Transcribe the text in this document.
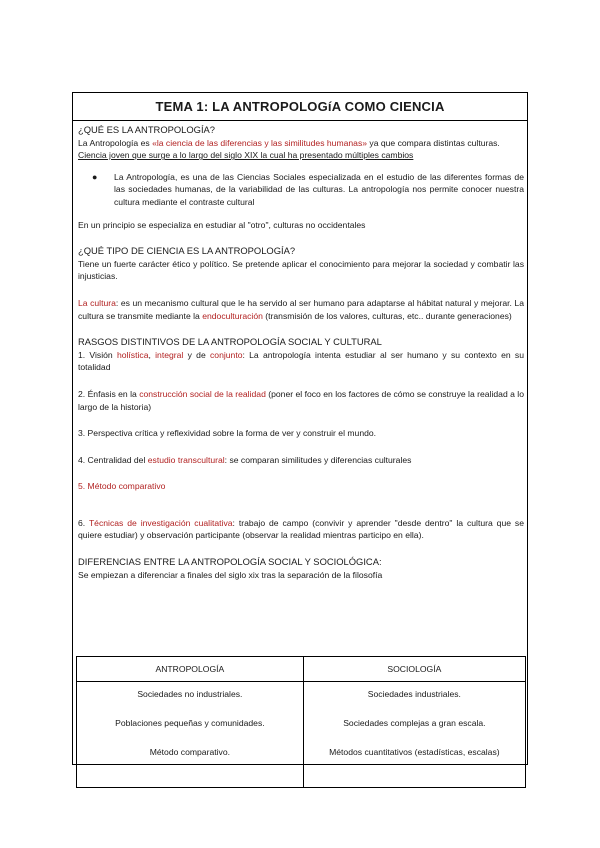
TEMA 1: LA ANTROPOLOGíA COMO CIENCIA

¿QUÉ ES LA ANTROPOLOGÍA?

La Antropología es «la ciencia de las diferencias y las similitudes humanas» ya que compara distintas culturas. Ciencia joven que surge a lo largo del siglo XIX la cual ha presentado múltiples cambios

●	La Antropología, es una de las Ciencias Sociales especializada en el estudio de las diferentes formas de las sociedades humanas, de la variabilidad de las culturas. La antropología nos permite conocer nuestra cultura mediante el contraste cultural

En un principio se especializa en estudiar al "otro", culturas no occidentales

¿QUÉ TIPO DE CIENCIA ES LA ANTROPOLOGÍA?

Tiene un fuerte carácter ético y político. Se pretende aplicar el conocimiento para mejorar la sociedad y combatir las injusticias.

La cultura: es un mecanismo cultural que le ha servido al ser humano para adaptarse al hábitat natural y mejorar. La cultura se transmite mediante la endoculturación (transmisión de los valores, culturas, etc.. durante generaciones)

RASGOS DISTINTIVOS DE LA ANTROPOLOGÍA SOCIAL Y CULTURAL

1. Visión holística, integral y de conjunto: La antropología intenta estudiar al ser humano y su contexto en su totalidad

2. Énfasis en la construcción social de la realidad (poner el foco en los factores de cómo se construye la realidad a lo largo de la historia)

3. Perspectiva crítica y reflexividad sobre la forma de ver y construir el mundo.

4. Centralidad del estudio transcultural: se comparan similitudes y diferencias culturales

5. Método comparativo

6. Técnicas de investigación cualitativa: trabajo de campo (convivir y aprender "desde dentro" la cultura que se quiere estudiar) y observación participante (observar la realidad mientras participo en ella).

DIFERENCIAS ENTRE LA ANTROPOLOGÍA SOCIAL Y SOCIOLÓGICA:

Se empiezan a diferenciar a finales del siglo xix tras la separación de la filosofía

ANTROPOLOGÍA	SOCIOLOGÍA
Sociedades no industriales.	Sociedades industriales.
Poblaciones pequeñas y comunidades.	Sociedades complejas a gran escala.
Método comparativo.	Métodos cuantitativos (estadísticas, escalas)
